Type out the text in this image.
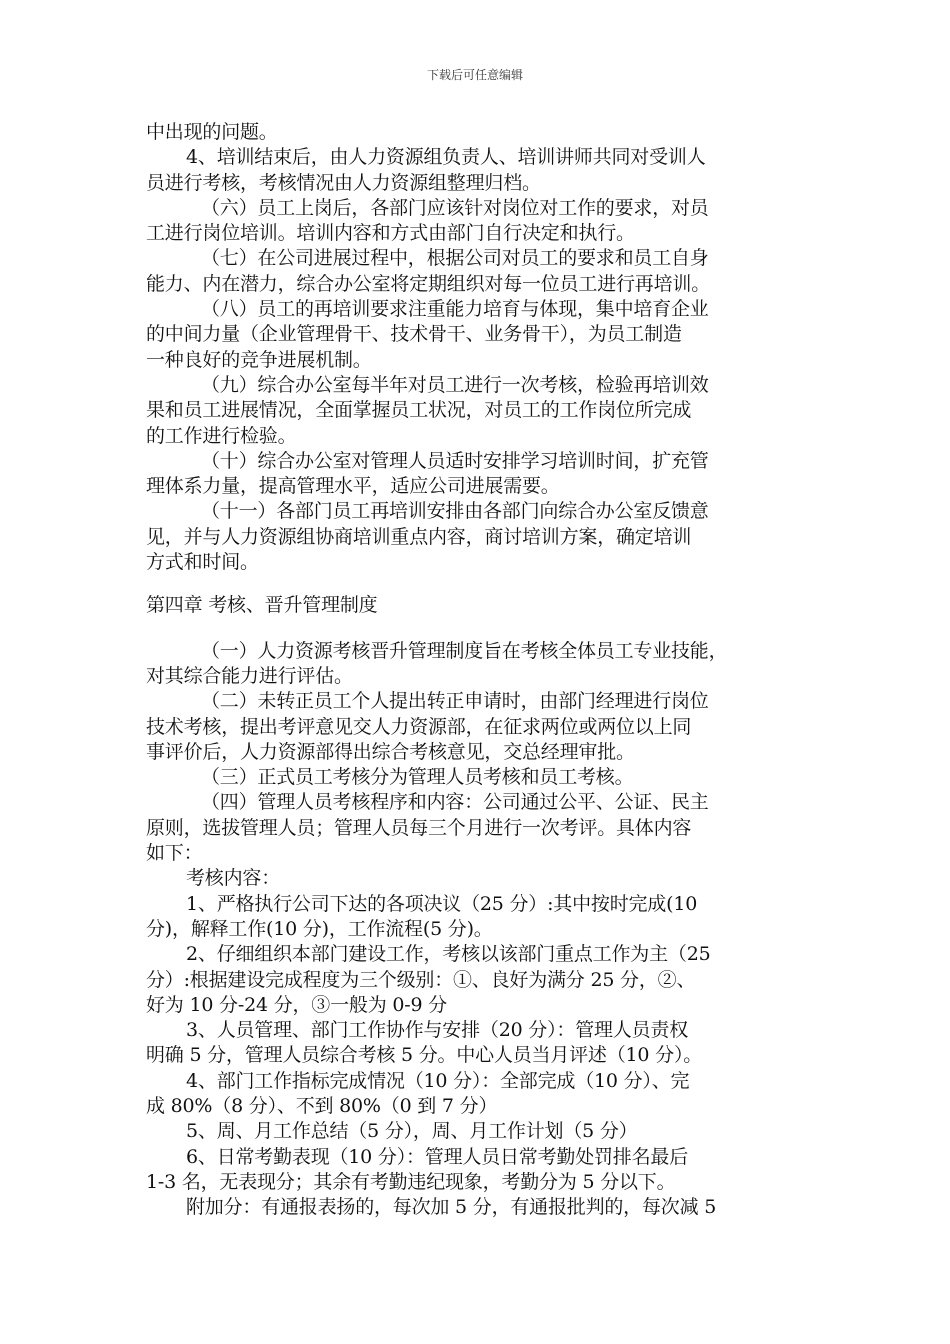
下载后可任意编辑
中出现的问题。
4、培训结束后，由人力资源组负责人、培训讲师共同对受训人
员进行考核，考核情况由人力资源组整理归档。
（六）员工上岗后，各部门应该针对岗位对工作的要求，对员
工进行岗位培训。培训内容和方式由部门自行决定和执行。
（七）在公司进展过程中，根据公司对员工的要求和员工自身
能力、内在潜力，综合办公室将定期组织对每一位员工进行再培训。
（八）员工的再培训要求注重能力培育与体现，集中培育企业
的中间力量（企业管理骨干、技术骨干、业务骨干），为员工制造
一种良好的竞争进展机制。
（九）综合办公室每半年对员工进行一次考核，检验再培训效
果和员工进展情况，全面掌握员工状况，对员工的工作岗位所完成
的工作进行检验。
（十）综合办公室对管理人员适时安排学习培训时间，扩充管
理体系力量，提高管理水平，适应公司进展需要。
（十一）各部门员工再培训安排由各部门向综合办公室反馈意
见，并与人力资源组协商培训重点内容，商讨培训方案，确定培训
方式和时间。
第四章 考核、晋升管理制度
（一）人力资源考核晋升管理制度旨在考核全体员工专业技能，
对其综合能力进行评估。
（二）未转正员工个人提出转正申请时，由部门经理进行岗位
技术考核，提出考评意见交人力资源部，在征求两位或两位以上同
事评价后，人力资源部得出综合考核意见，交总经理审批。
（三）正式员工考核分为管理人员考核和员工考核。
（四）管理人员考核程序和内容：公司通过公平、公证、民主
原则，选拔管理人员；管理人员每三个月进行一次考评。具体内容
如下：
考核内容：
1、严格执行公司下达的各项决议（25 分）:其中按时完成(10
分)，解释工作(10 分)，工作流程(5 分)。
2、仔细组织本部门建设工作，考核以该部门重点工作为主（25
分）:根据建设完成程度为三个级别：①、良好为满分 25 分，②、
好为 10 分-24 分，③一般为 0-9 分
3、人员管理、部门工作协作与安排（20 分）：管理人员责权
明确 5 分，管理人员综合考核 5 分。中心人员当月评述（10 分）。
4、部门工作指标完成情况（10 分）：全部完成（10 分）、完
成 80%（8 分）、不到 80%（0 到 7 分）
5、周、月工作总结（5 分），周、月工作计划（5 分）
6、日常考勤表现（10 分）：管理人员日常考勤处罚排名最后
1-3 名，无表现分；其余有考勤违纪现象，考勤分为 5 分以下。
附加分：有通报表扬的，每次加 5 分，有通报批判的，每次减 5
